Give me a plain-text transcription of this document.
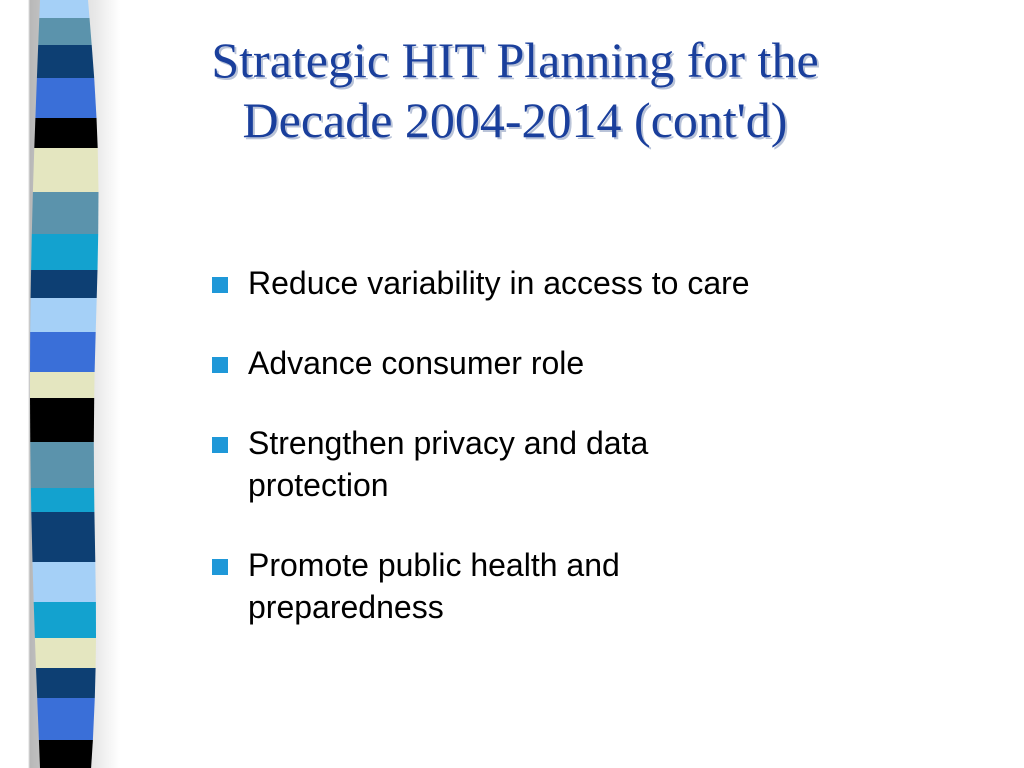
Strategic HIT Planning for the
Decade 2004-2014 (cont'd)
Reduce variability in access to care
Advance consumer role
Strengthen privacy and data
protection
Promote public health and
preparedness
